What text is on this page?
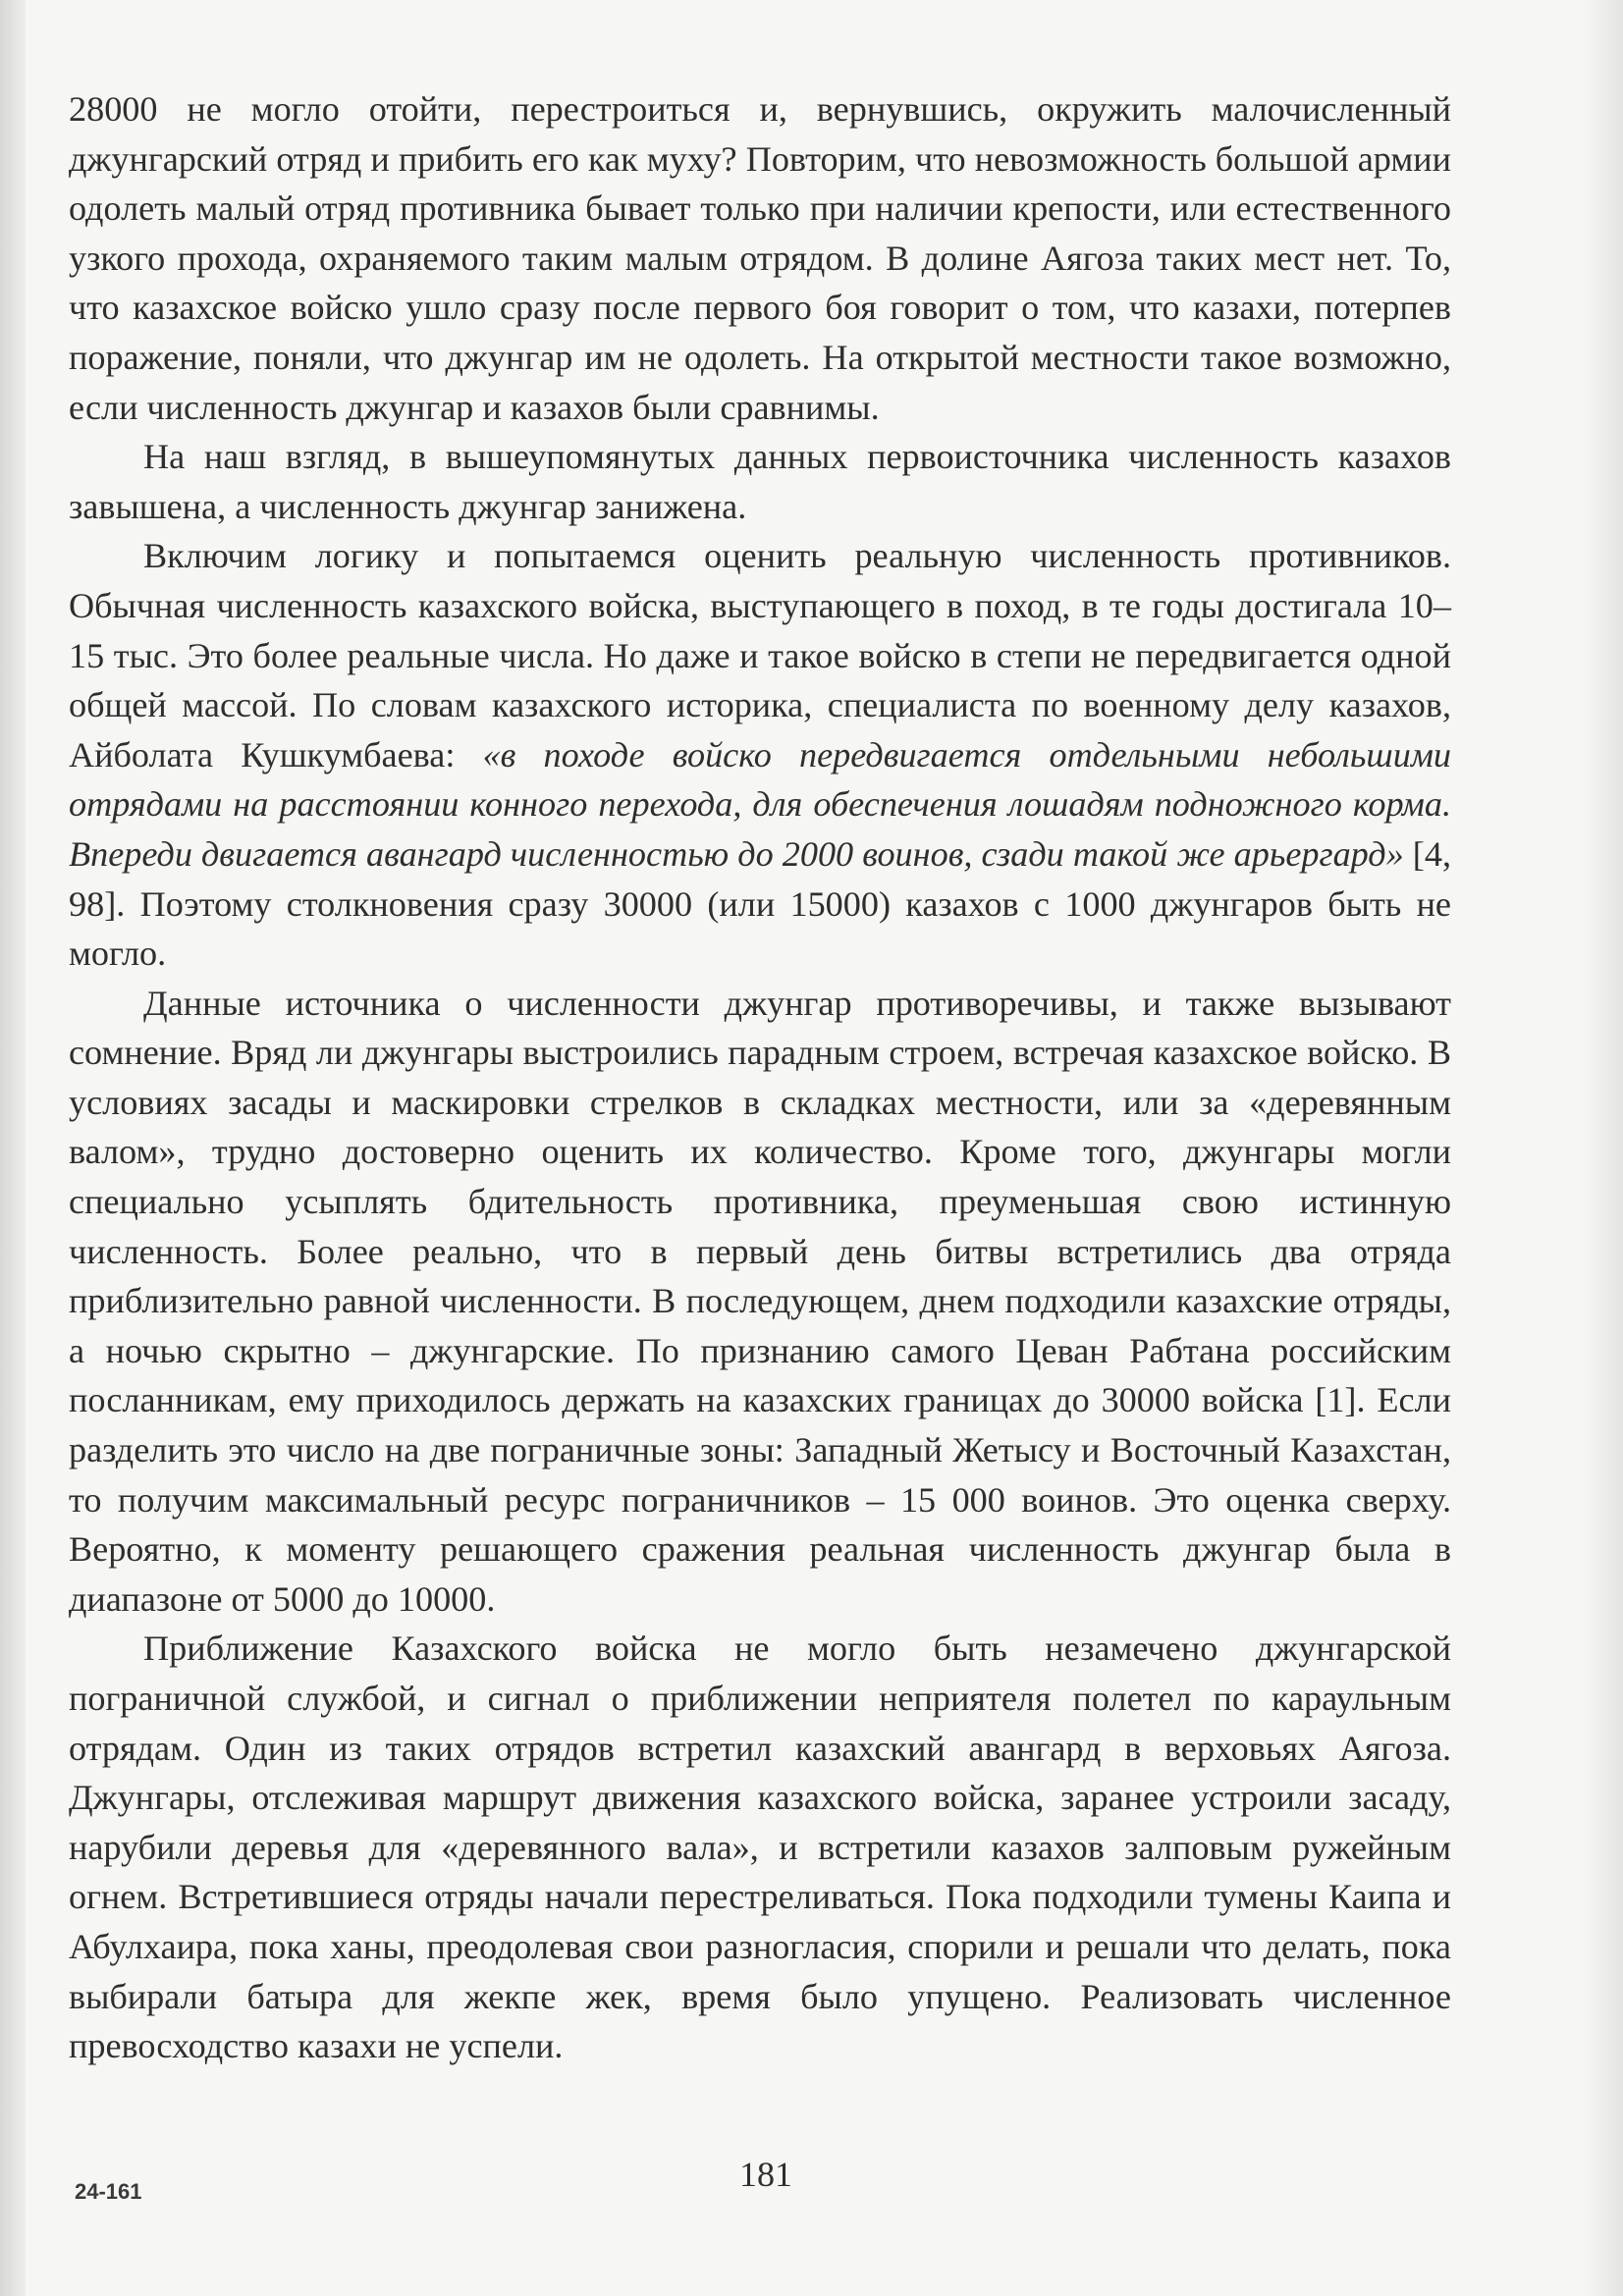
28000 не могло отойти, перестроиться и, вернувшись, окружить малочисленный джунгарский отряд и прибить его как муху? Повторим, что невозможность большой армии одолеть малый отряд противника бывает только при наличии крепости, или естественного узкого прохода, охраняемого таким малым отрядом. В долине Аягоза таких мест нет. То, что казахское войско ушло сразу после первого боя говорит о том, что казахи, потерпев поражение, поняли, что джунгар им не одолеть. На открытой местности такое возможно, если численность джунгар и казахов были сравнимы.

На наш взгляд, в вышеупомянутых данных первоисточника численность казахов завышена, а численность джунгар занижена.

Включим логику и попытаемся оценить реальную численность противников. Обычная численность казахского войска, выступающего в поход, в те годы достигала 10–15 тыс. Это более реальные числа. Но даже и такое войско в степи не передвигается одной общей массой. По словам казахского историка, специалиста по военному делу казахов, Айболата Кушкумбаева: «в походе войско передвигается отдельными небольшими отрядами на расстоянии конного перехода, для обеспечения лошадям подножного корма. Впереди двигается авангард численностью до 2000 воинов, сзади такой же арьергард» [4, 98]. Поэтому столкновения сразу 30000 (или 15000) казахов с 1000 джунгаров быть не могло.

Данные источника о численности джунгар противоречивы, и также вызывают сомнение. Вряд ли джунгары выстроились парадным строем, встречая казахское войско. В условиях засады и маскировки стрелков в складках местности, или за «деревянным валом», трудно достоверно оценить их количество. Кроме того, джунгары могли специально усыплять бдительность противника, преуменьшая свою истинную численность. Более реально, что в первый день битвы встретились два отряда приблизительно равной численности. В последующем, днем подходили казахские отряды, а ночью скрытно – джунгарские. По признанию самого Цеван Рабтана российским посланникам, ему приходилось держать на казахских границах до 30000 войска [1]. Если разделить это число на две пограничные зоны: Западный Жетысу и Восточный Казахстан, то получим максимальный ресурс пограничников – 15 000 воинов. Это оценка сверху. Вероятно, к моменту решающего сражения реальная численность джунгар была в диапазоне от 5000 до 10000.

Приближение Казахского войска не могло быть незамечено джунгарской пограничной службой, и сигнал о приближении неприятеля полетел по караульным отрядам. Один из таких отрядов встретил казахский авангард в верховьях Аягоза. Джунгары, отслеживая маршрут движения казахского войска, заранее устроили засаду, нарубили деревья для «деревянного вала», и встретили казахов залповым ружейным огнем. Встретившиеся отряды начали перестреливаться. Пока подходили тумены Каипа и Абулхаира, пока ханы, преодолевая свои разногласия, спорили и решали что делать, пока выбирали батыра для жекпе жек, время было упущено. Реализовать численное превосходство казахи не успели.

24-161	181
